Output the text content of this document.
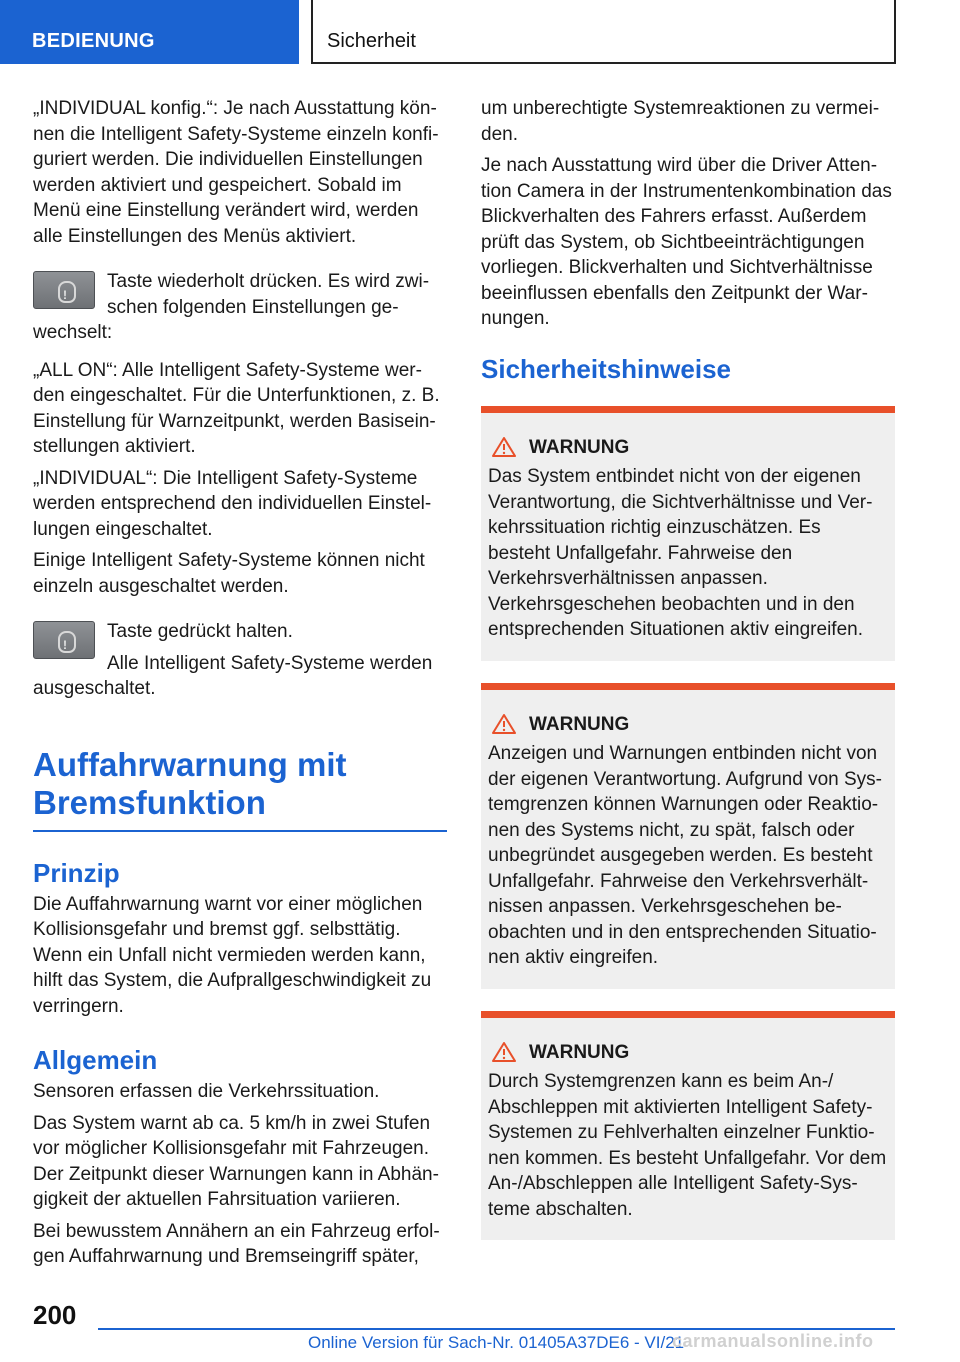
BEDIENUNG	Sicherheit

„INDIVIDUAL konfig.“: Je nach Ausstattung können die Intelligent Safety-Systeme einzeln konfiguriert werden. Die individuellen Einstellungen werden aktiviert und gespeichert. Sobald im Menü eine Einstellung verändert wird, werden alle Einstellungen des Menüs aktiviert.

!

Taste wiederholt drücken. Es wird zwischen folgenden Einstellungen gewechselt:

„ALL ON“: Alle Intelligent Safety-Systeme werden eingeschaltet. Für die Unterfunktionen, z. B. Einstellung für Warnzeitpunkt, werden Basiseinstellungen aktiviert.

„INDIVIDUAL“: Die Intelligent Safety-Systeme werden entsprechend den individuellen Einstellungen eingeschaltet.

Einige Intelligent Safety-Systeme können nicht einzeln ausgeschaltet werden.

!

Taste gedrückt halten.

Alle Intelligent Safety-Systeme werden ausgeschaltet.

Auffahrwarnung mit Bremsfunktion
Prinzip

Die Auffahrwarnung warnt vor einer möglichen Kollisionsgefahr und bremst ggf. selbsttätig. Wenn ein Unfall nicht vermieden werden kann, hilft das System, die Aufprallgeschwindigkeit zu verringern.

Allgemein

Sensoren erfassen die Verkehrssituation.

Das System warnt ab ca. 5 km/h in zwei Stufen vor möglicher Kollisionsgefahr mit Fahrzeugen. Der Zeitpunkt dieser Warnungen kann in Abhängigkeit der aktuellen Fahrsituation variieren.

Bei bewusstem Annähern an ein Fahrzeug erfolgen Auffahrwarnung und Bremseingriff später,

um unberechtigte Systemreaktionen zu vermeiden.

Je nach Ausstattung wird über die Driver Attention Camera in der Instrumentenkombination das Blickverhalten des Fahrers erfasst. Außerdem prüft das System, ob Sichtbeeinträchtigungen vorliegen. Blickverhalten und Sichtverhältnisse beeinflussen ebenfalls den Zeitpunkt der Warnungen.

Sicherheitshinweise
WARNUNG

Das System entbindet nicht von der eigenen Verantwortung, die Sichtverhältnisse und Verkehrssituation richtig einzuschätzen. Es besteht Unfallgefahr. Fahrweise den Verkehrsverhältnissen anpassen. Verkehrsgeschehen beobachten und in den entsprechenden Situationen aktiv eingreifen.

WARNUNG

Anzeigen und Warnungen entbinden nicht von der eigenen Verantwortung. Aufgrund von Systemgrenzen können Warnungen oder Reaktionen des Systems nicht, zu spät, falsch oder unbegründet ausgegeben werden. Es besteht Unfallgefahr. Fahrweise den Verkehrsverhältnissen anpassen. Verkehrsgeschehen beobachten und in den entsprechenden Situationen aktiv eingreifen.

WARNUNG

Durch Systemgrenzen kann es beim An-/ Abschleppen mit aktivierten Intelligent Safety-Systemen zu Fehlverhalten einzelner Funktionen kommen. Es besteht Unfallgefahr. Vor dem An-/Abschleppen alle Intelligent Safety-Systeme abschalten.

200
Online Version für Sach-Nr. 01405A37DE6 - VI/21
carmanualsonline.info
